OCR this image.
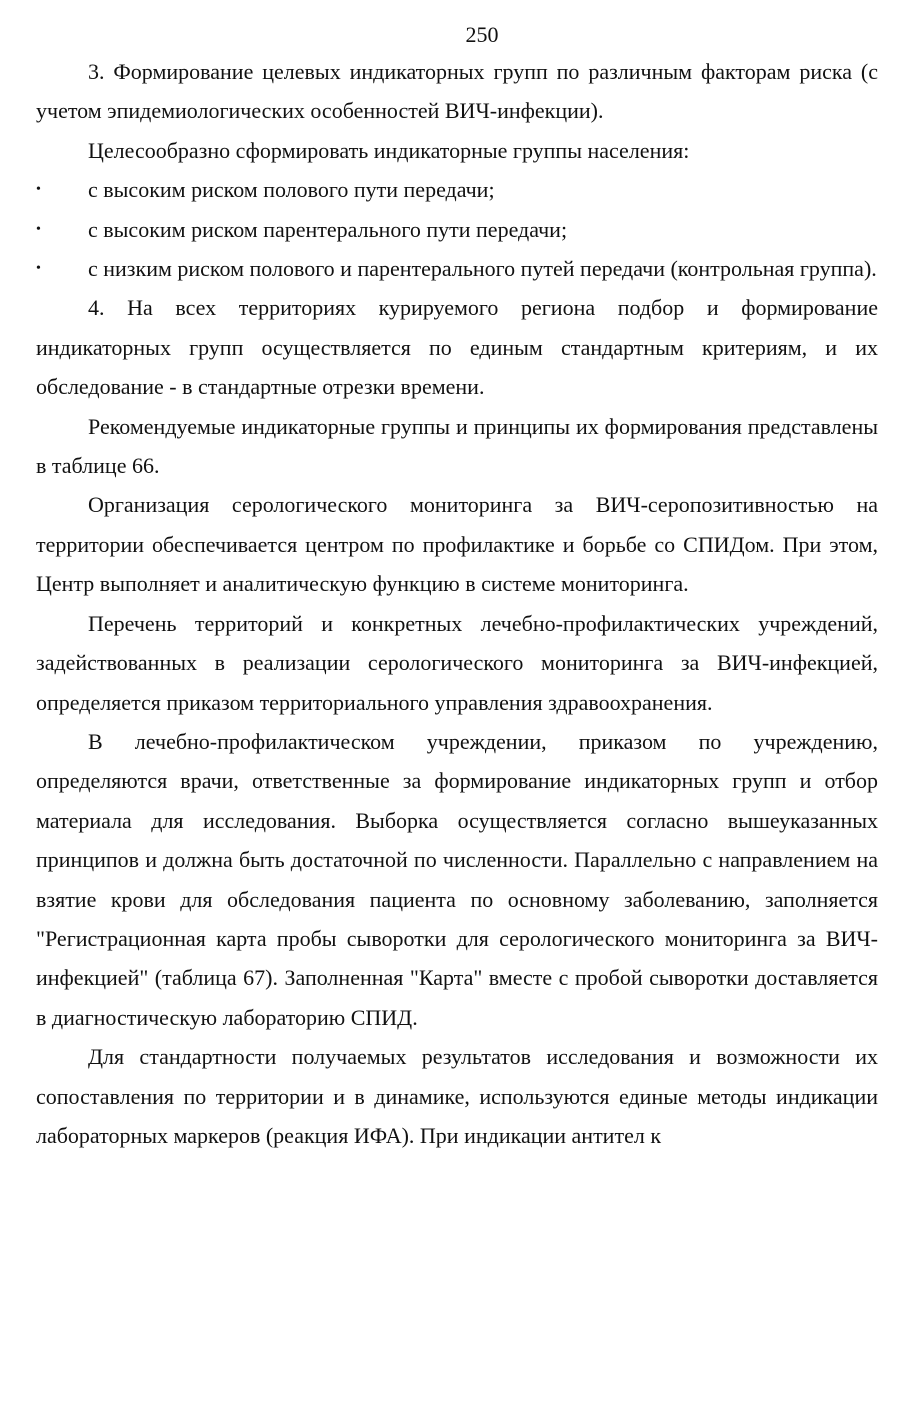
250

3. Формирование целевых индикаторных групп по различным факторам риска (с учетом эпидемиологических особенностей ВИЧ-инфекции).

Целесообразно сформировать индикаторные группы населения:

•	с высоким риском полового пути передачи;
•	с высоким риском парентерального пути передачи;
•	с низким риском полового и парентерального путей передачи (контрольная группа).

4. На всех территориях курируемого региона подбор и формирование индикаторных групп осуществляется по единым стандартным критериям, и их обследование - в стандартные отрезки времени.

Рекомендуемые индикаторные группы и принципы их формирования представлены в таблице 66.

Организация серологического мониторинга за ВИЧ-серопозитивностью на территории обеспечивается центром по профилактике и борьбе со СПИДом. При этом, Центр выполняет и аналитическую функцию в системе мониторинга.

Перечень территорий и конкретных лечебно-профилактических учреждений, задействованных в реализации серологического мониторинга за ВИЧ-инфекцией, определяется приказом территориального управления здравоохранения.

В лечебно-профилактическом учреждении, приказом по учреждению, определяются врачи, ответственные за формирование индикаторных групп и отбор материала для исследования. Выборка осуществляется согласно вышеуказанных принципов и должна быть достаточной по численности. Параллельно с направлением на взятие крови для обследования пациента по основному заболеванию, заполняется "Регистрационная карта пробы сыворотки для серологического мониторинга за ВИЧ-инфекцией" (таблица 67). Заполненная "Карта" вместе с пробой сыворотки доставляется в диагностическую лабораторию СПИД.

Для стандартности получаемых результатов исследования и возможности их сопоставления по территории и в динамике, используются единые методы индикации лабораторных маркеров (реакция ИФА). При индикации антител к
